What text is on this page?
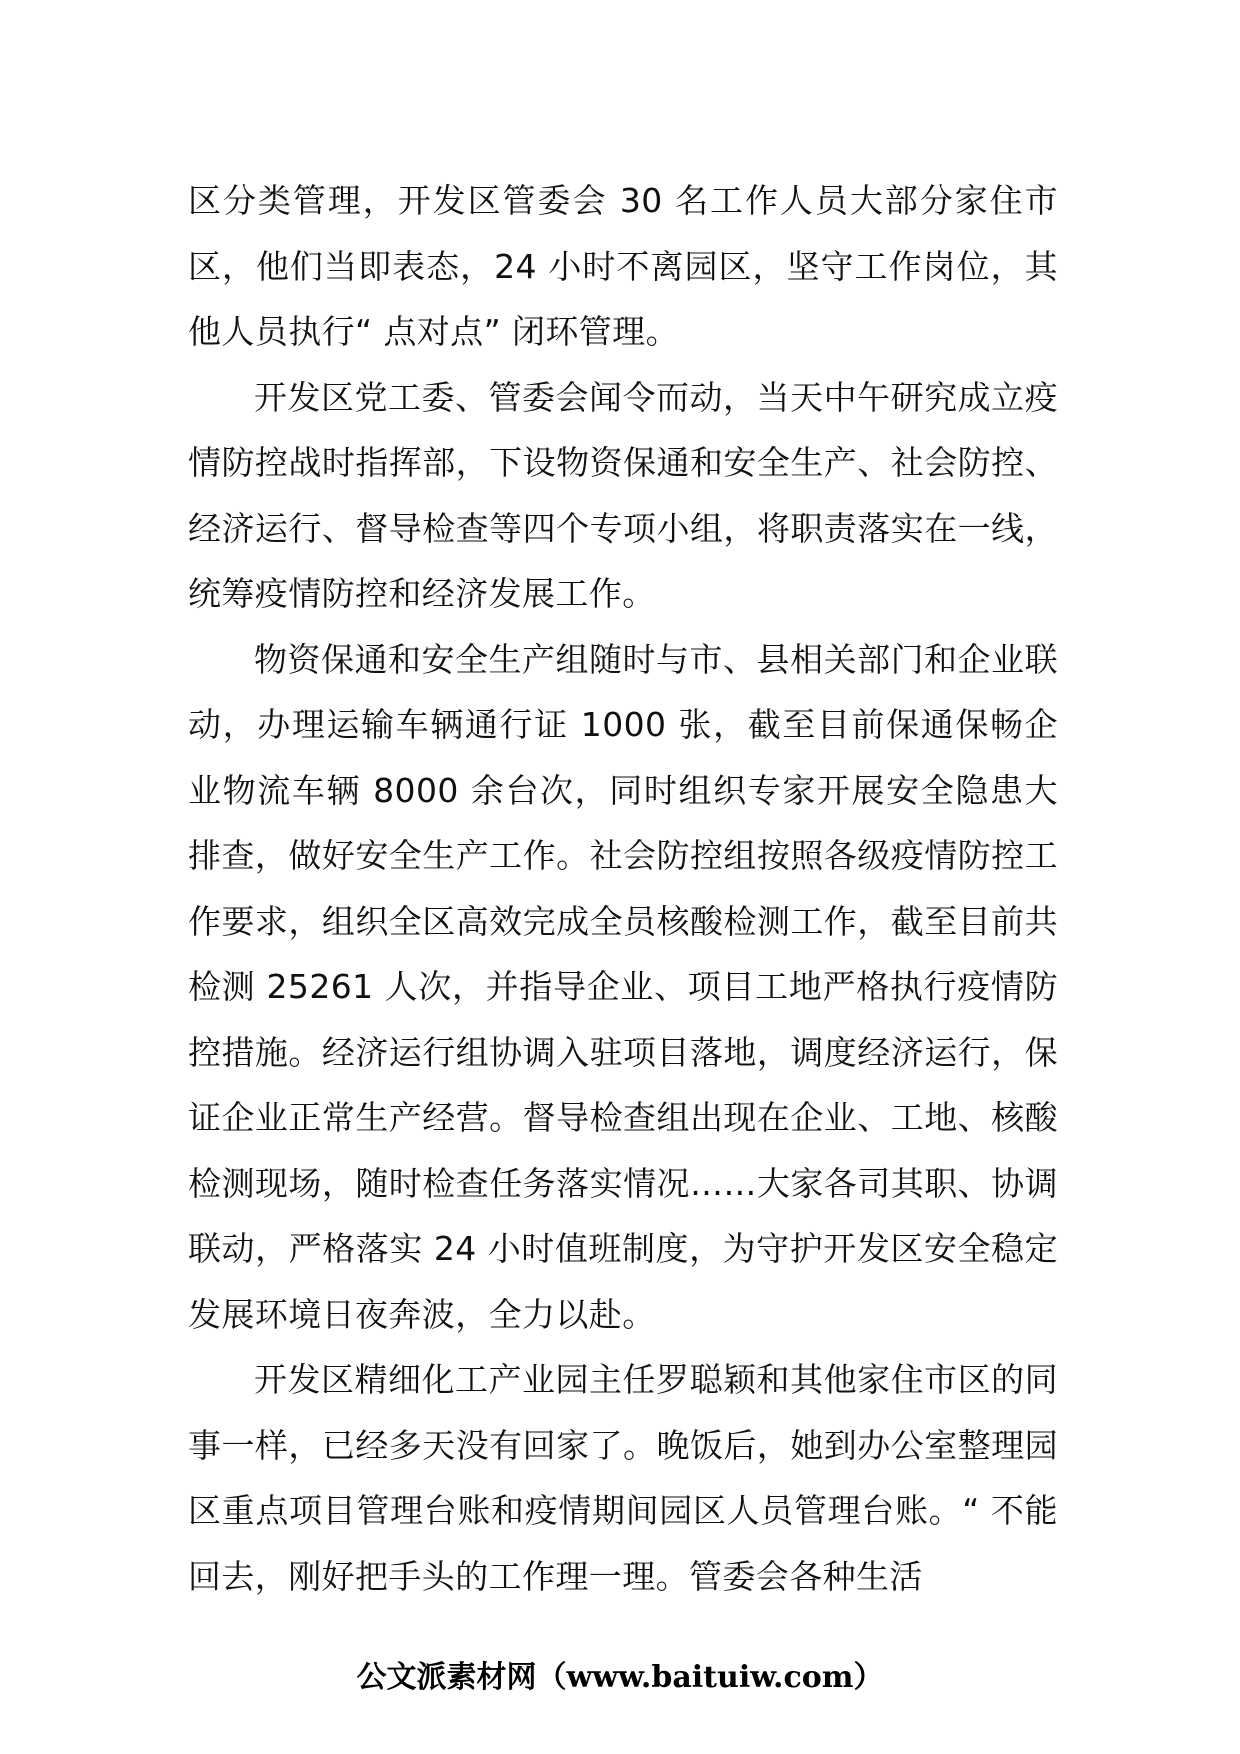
区分类管理，开发区管委会 30 名工作人员大部分家住市区，他们当即表态，24 小时不离园区，坚守工作岗位，其他人员执行“ 点对点” 闭环管理。

开发区党工委、管委会闻令而动，当天中午研究成立疫情防控战时指挥部，下设物资保通和安全生产、社会防控、经济运行、督导检查等四个专项小组，将职责落实在一线，统筹疫情防控和经济发展工作。

物资保通和安全生产组随时与市、县相关部门和企业联动，办理运输车辆通行证 1000 张，截至目前保通保畅企业物流车辆 8000 余台次，同时组织专家开展安全隐患大排查，做好安全生产工作。社会防控组按照各级疫情防控工作要求，组织全区高效完成全员核酸检测工作，截至目前共检测 25261 人次，并指导企业、项目工地严格执行疫情防控措施。经济运行组协调入驻项目落地，调度经济运行，保证企业正常生产经营。督导检查组出现在企业、工地、核酸检测现场，随时检查任务落实情况……大家各司其职、协调联动，严格落实 24 小时值班制度，为守护开发区安全稳定发展环境日夜奔波，全力以赴。

开发区精细化工产业园主任罗聪颖和其他家住市区的同事一样，已经多天没有回家了。晚饭后，她到办公室整理园区重点项目管理台账和疫情期间园区人员管理台账。“ 不能回去，刚好把手头的工作理一理。管委会各种生活

公文派素材网（www.baituiw.com）
